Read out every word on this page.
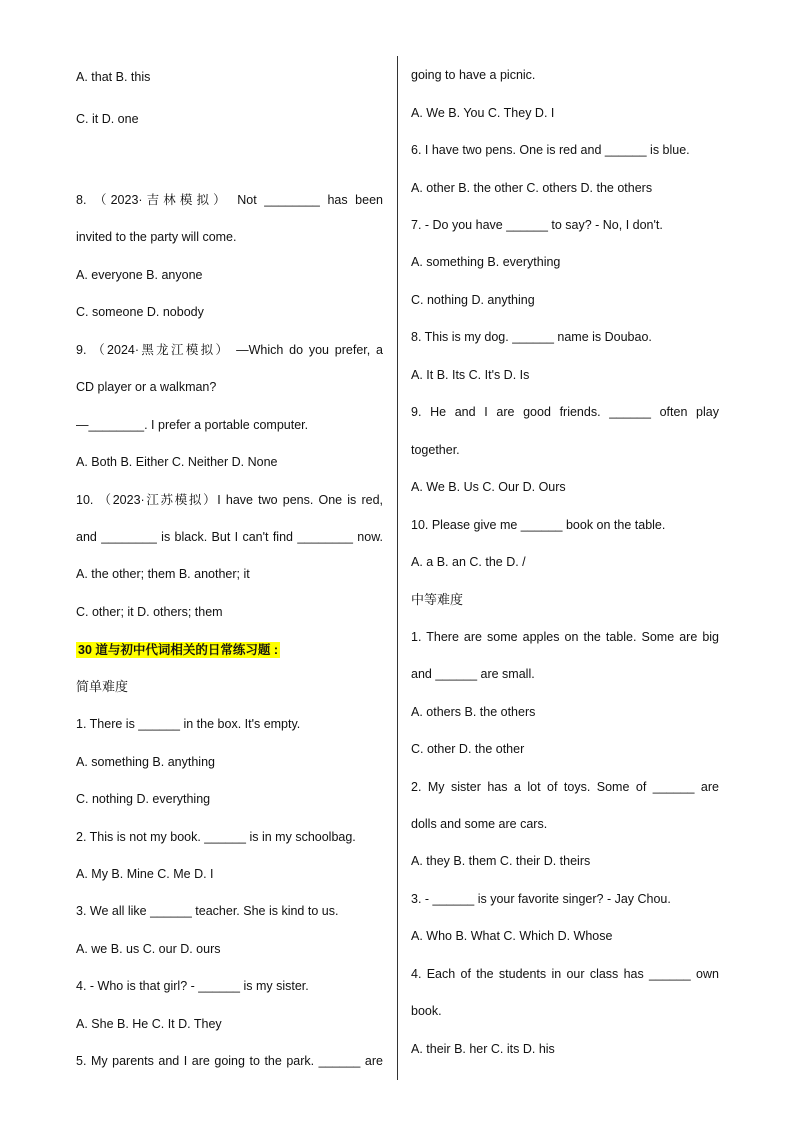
A. that B. this
C. it D. one
8. （2023·吉林模拟） Not ________ has been
invited to the party will come.
A. everyone B. anyone
C. someone D. nobody
9. （2024·黑龙江模拟） —Which do you prefer, a
CD player or a walkman?
—________. I prefer a portable computer.
A. Both B. Either C. Neither D. None
10. （2023·江苏模拟）I have two pens. One is red,
and ________ is black. But I can't find ________ now.
A. the other; them B. another; it
C. other; it D. others; them
30 道与初中代词相关的日常练习题 :
简单难度
1. There is ______ in the box. It's empty.
A. something B. anything
C. nothing D. everything
2. This is not my book. ______ is in my schoolbag.
A. My B. Mine C. Me D. I
3. We all like ______ teacher. She is kind to us.
A. we B. us C. our D. ours
4. - Who is that girl? - ______ is my sister.
A. She B. He C. It D. They
5. My parents and I are going to the park. ______ are
going to have a picnic.
A. We B. You C. They D. I
6. I have two pens. One is red and ______ is blue.
A. other B. the other C. others D. the others
7. - Do you have ______ to say? - No, I don't.
A. something B. everything
C. nothing D. anything
8. This is my dog. ______ name is Doubao.
A. It B. Its C. It's D. Is
9. He and I are good friends. ______ often play
together.
A. We B. Us C. Our D. Ours
10. Please give me ______ book on the table.
A. a B. an C. the D. /
中等难度
1. There are some apples on the table. Some are big
and ______ are small.
A. others B. the others
C. other D. the other
2. My sister has a lot of toys. Some of ______ are
dolls and some are cars.
A. they B. them C. their D. theirs
3. - ______ is your favorite singer? - Jay Chou.
A. Who B. What C. Which D. Whose
4. Each of the students in our class has ______ own
book.
A. their B. her C. its D. his
